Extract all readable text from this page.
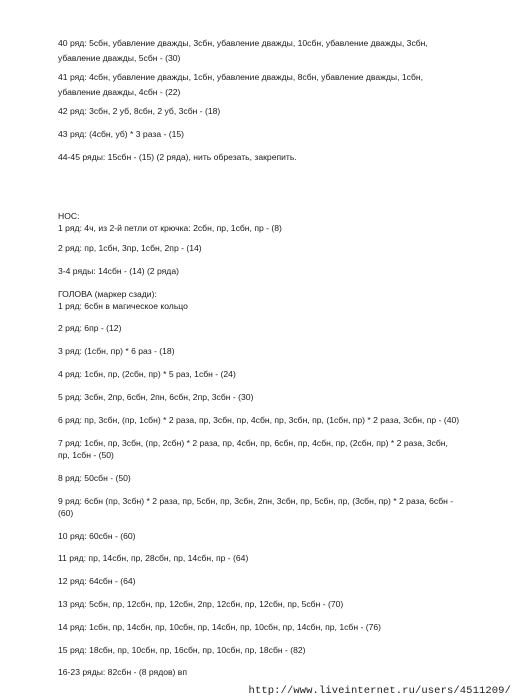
40 ряд: 5сбн, убавление дважды, 3сбн, убавление дважды, 10сбн, убавление дважды, 3сбн,
убавление дважды, 5сбн - (30)
41 ряд: 4сбн, убавление дважды, 1сбн, убавление дважды, 8сбн, убавление дважды, 1сбн,
убавление дважды, 4сбн - (22)
42 ряд: 3сбн, 2 уб, 8сбн, 2 уб, 3сбн - (18)
43 ряд: (4сбн, уб) * 3 раза - (15)
44-45 ряды: 15сбн - (15) (2 ряда), нить обрезать, закрепить.
НОС:
1 ряд: 4ч, из 2-й петли от крючка: 2сбн, пр, 1сбн, пр - (8)
2 ряд: пр, 1сбн, 3пр, 1сбн, 2пр - (14)
3-4 ряды: 14сбн - (14) (2 ряда)
ГОЛОВА (маркер сзади):
1 ряд: 6сбн в магическое кольцо
2 ряд: 6пр - (12)
3 ряд: (1сбн, пр) * 6 раз - (18)
4 ряд: 1сбн, пр, (2сбн, пр) * 5 раз, 1сбн - (24)
5 ряд: 3сбн, 2пр, 6сбн, 2пн, 6сбн, 2пр, 3сбн - (30)
6 ряд: пр, 3сбн, (пр, 1сбн) * 2 раза, пр, 3сбн, пр, 4сбн, пр, 3сбн, пр, (1сбн, пр) * 2 раза, 3сбн, пр - (40)
7 ряд: 1сбн, пр, 3сбн, (пр, 2сбн) * 2 раза, пр, 4сбн, пр, 6сбн, пр, 4сбн, пр, (2сбн, пр) * 2 раза, 3сбн,
пр, 1сбн - (50)
8 ряд: 50сбн - (50)
9 ряд: 6сбн (пр, 3сбн) * 2 раза, пр, 5сбн, пр, 3сбн, 2пн, 3сбн, пр, 5сбн, пр, (3сбн, пр) * 2 раза, 6сбн -
(60)
10 ряд: 60сбн - (60)
11 ряд: пр, 14сбн, пр, 28сбн, пр, 14сбн, пр - (64)
12 ряд: 64сбн - (64)
13 ряд: 5сбн, пр, 12сбн, пр, 12сбн, 2пр, 12сбн, пр, 12сбн, пр, 5сбн - (70)
14 ряд: 1сбн, пр, 14сбн, пр, 10сбн, пр, 14сбн, пр, 10сбн, пр, 14сбн, пр, 1сбн - (76)
15 ряд: 18сбн, пр, 10сбн, пр, 16сбн, пр, 10сбн, пр, 18сбн - (82)
16-23 ряды: 82сбн - (8 рядов) вп
http://www.liveinternet.ru/users/4511209/
